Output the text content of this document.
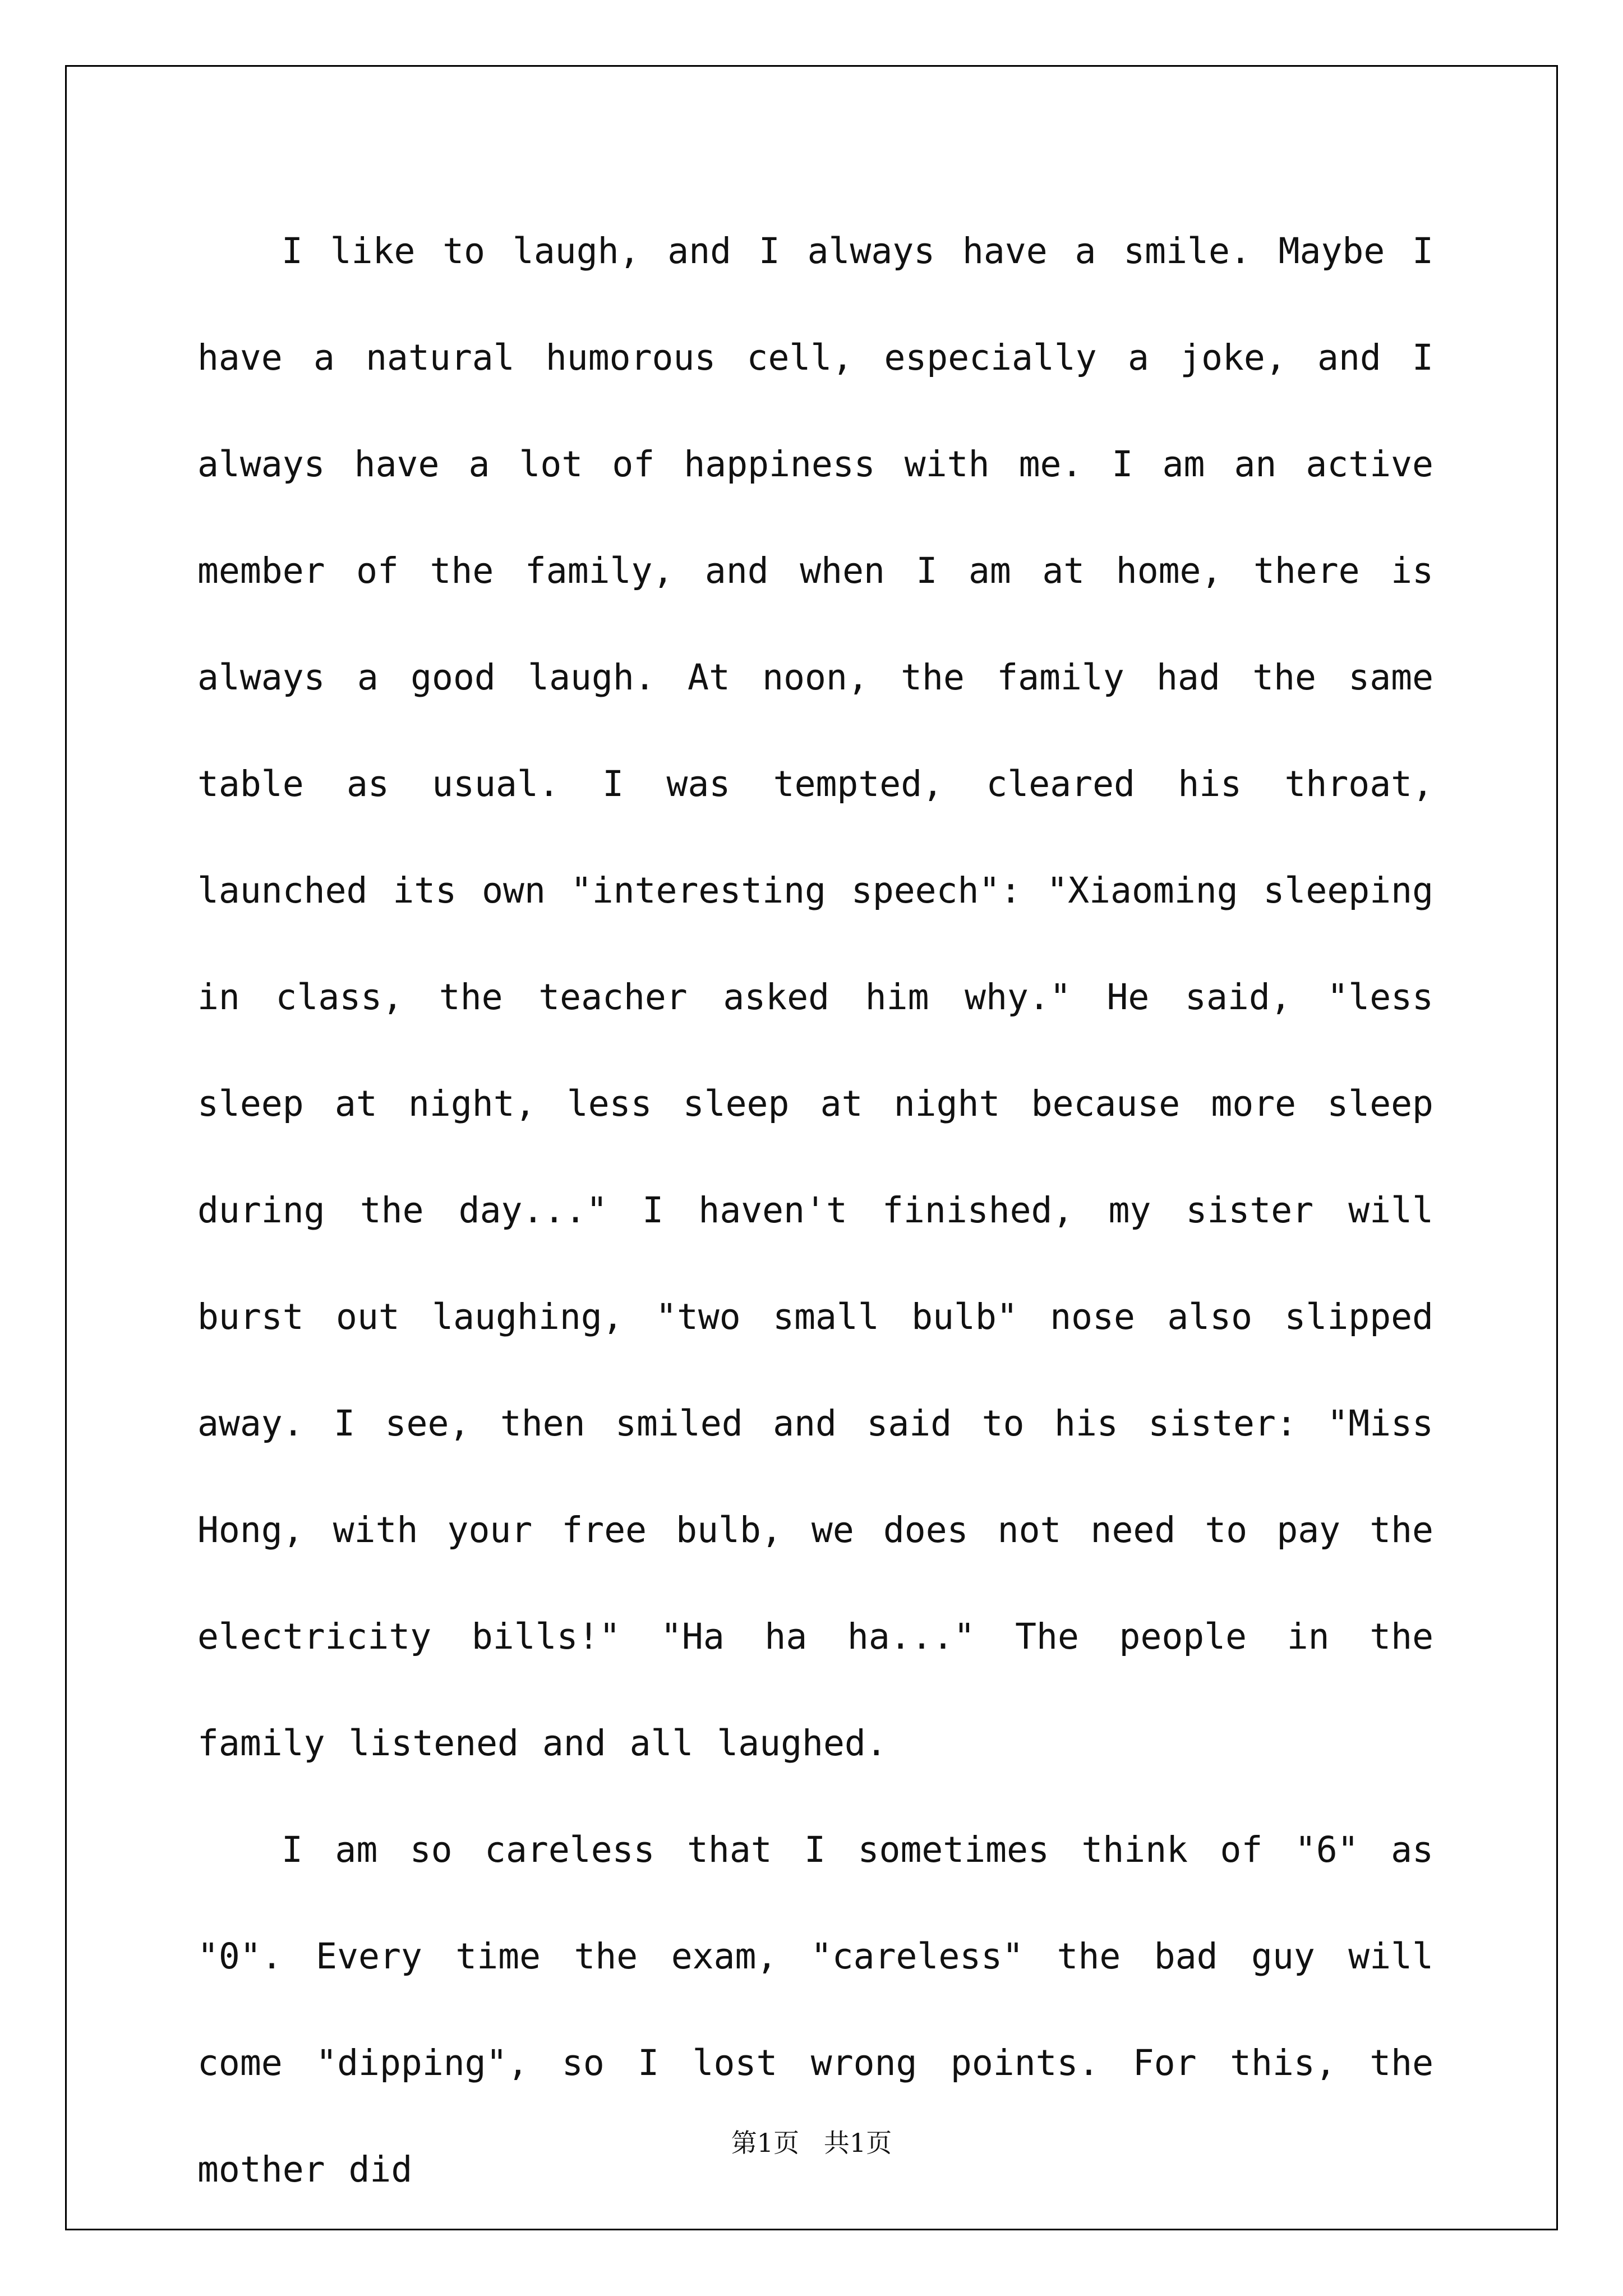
I like to laugh, and I always have a smile. Maybe I have a natural humorous cell, especially a joke, and I always have a lot of happiness with me. I am an active member of the family, and when I am at home, there is always a good laugh. At noon, the family had the same table as usual. I was tempted, cleared his throat, launched its own "interesting speech": "Xiaoming sleeping in class, the teacher asked him why." He said, "less sleep at night, less sleep at night because more sleep during the day..." I haven't finished, my sister will burst out laughing, "two small bulb" nose also slipped away. I see, then smiled and said to his sister: "Miss Hong, with your free bulb, we does not need to pay the electricity bills!" "Ha ha ha..." The people in the family listened and all laughed.

I am so careless that I sometimes think of "6" as "0". Every time the exam, "careless" the bad guy will come "dipping", so I lost wrong points. For this, the mother did

第1页   共1页
